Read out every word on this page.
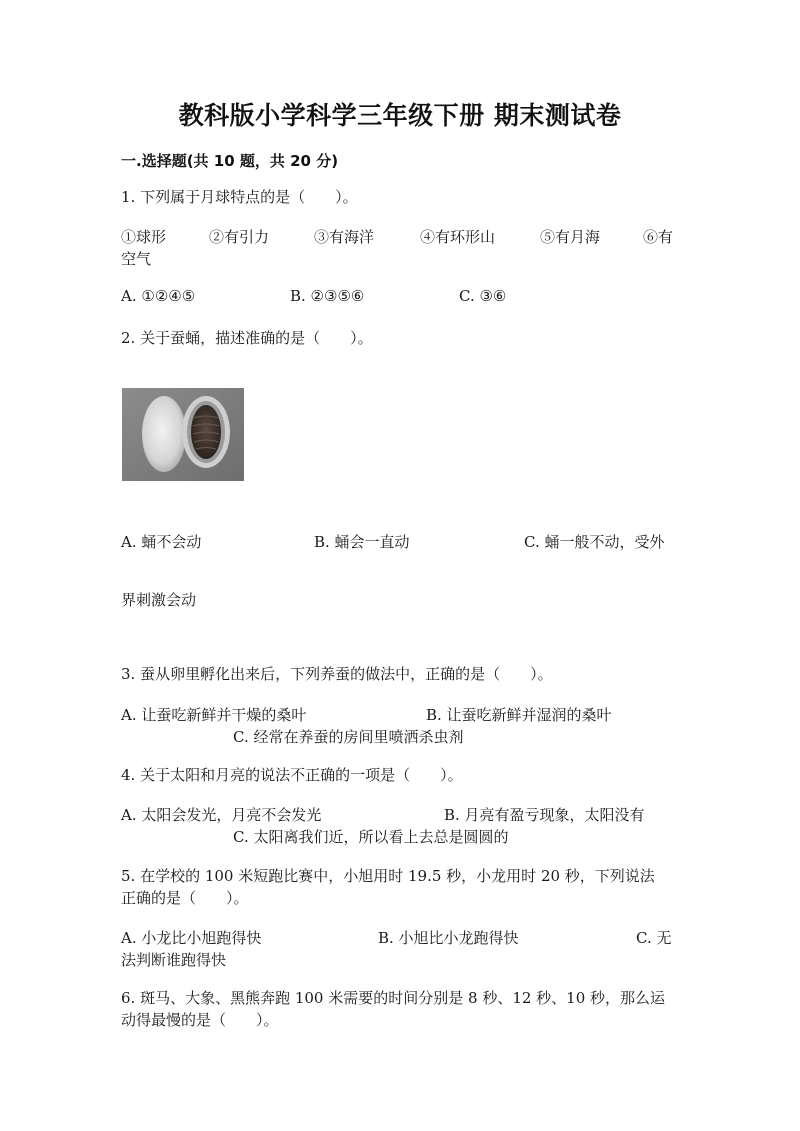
教科版小学科学三年级下册 期末测试卷
一.选择题(共 10 题，共 20 分)
1. 下列属于月球特点的是（　　）。
①球形	②有引力	③有海洋	④有环形山	⑤有月海	⑥有
空气
A. ①②④⑤	B. ②③⑤⑥	C. ③⑥
2. 关于蚕蛹，描述准确的是（　　）。
A. 蛹不会动	B. 蛹会一直动	C. 蛹一般不动，受外
界刺激会动
3. 蚕从卵里孵化出来后，下列养蚕的做法中，正确的是（　　）。
A. 让蚕吃新鲜并干燥的桑叶	B. 让蚕吃新鲜并湿润的桑叶
C. 经常在养蚕的房间里喷洒杀虫剂
4. 关于太阳和月亮的说法不正确的一项是（　　）。
A. 太阳会发光，月亮不会发光	B. 月亮有盈亏现象，太阳没有
C. 太阳离我们近，所以看上去总是圆圆的
5. 在学校的 100 米短跑比赛中，小旭用时 19.5 秒，小龙用时 20 秒，下列说法
正确的是（　　）。
A. 小龙比小旭跑得快	B. 小旭比小龙跑得快	C. 无
法判断谁跑得快
6. 斑马、大象、黑熊奔跑 100 米需要的时间分别是 8 秒、12 秒、10 秒，那么运
动得最慢的是（　　）。
